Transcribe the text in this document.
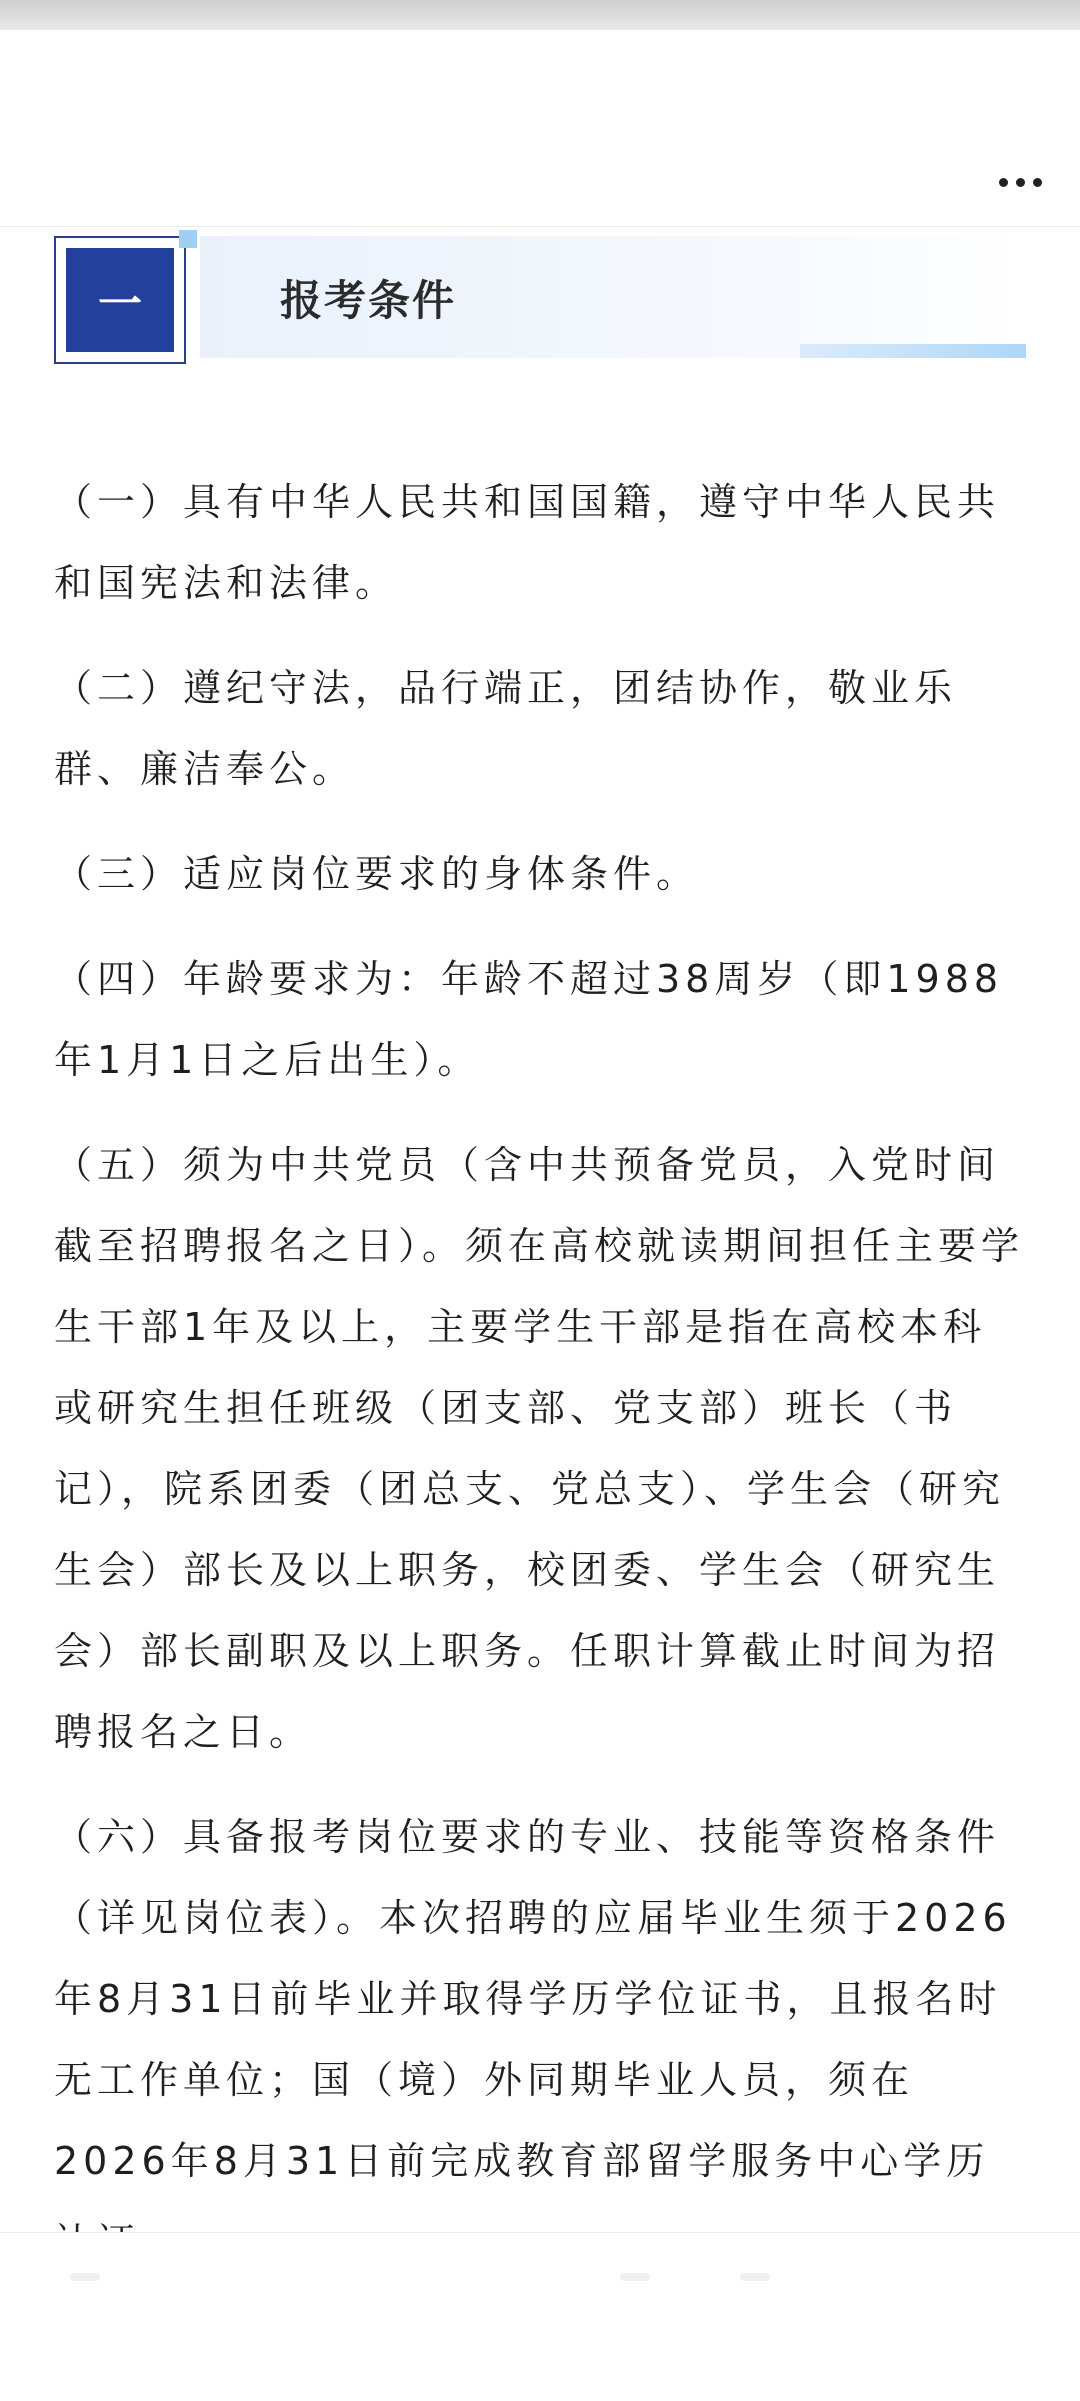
一	报考条件

（一）具有中华人民共和国国籍，遵守中华人民共和国宪法和法律。

（二）遵纪守法，品行端正，团结协作，敬业乐群、廉洁奉公。

（三）适应岗位要求的身体条件。

（四）年龄要求为：年龄不超过38周岁（即1988年1月1日之后出生）。

（五）须为中共党员（含中共预备党员，入党时间截至招聘报名之日）。须在高校就读期间担任主要学生干部1年及以上，主要学生干部是指在高校本科或研究生担任班级（团支部、党支部）班长（书记），院系团委（团总支、党总支）、学生会（研究生会）部长及以上职务，校团委、学生会（研究生会）部长副职及以上职务。任职计算截止时间为招聘报名之日。

（六）具备报考岗位要求的专业、技能等资格条件（详见岗位表）。本次招聘的应届毕业生须于2026年8月31日前毕业并取得学历学位证书，且报名时无工作单位；国（境）外同期毕业人员，须在2026年8月31日前完成教育部留学服务中心学历
